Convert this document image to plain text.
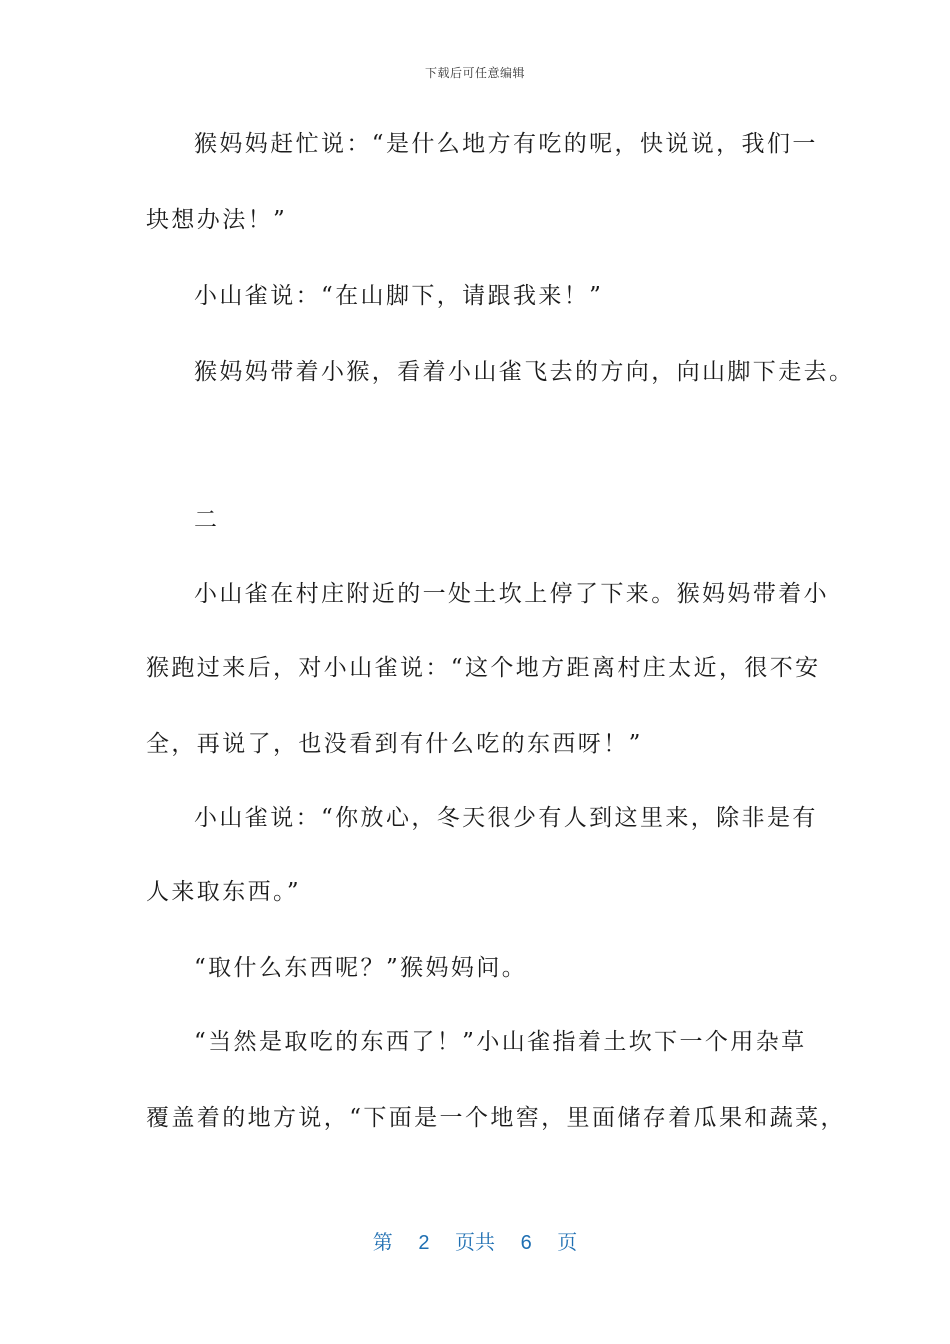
下载后可任意编辑
猴妈妈赶忙说：“是什么地方有吃的呢，快说说，我们一
块想办法！”
小山雀说：“在山脚下，请跟我来！”
猴妈妈带着小猴，看着小山雀飞去的方向，向山脚下走去。
二
小山雀在村庄附近的一处土坎上停了下来。猴妈妈带着小
猴跑过来后，对小山雀说：“这个地方距离村庄太近，很不安
全，再说了，也没看到有什么吃的东西呀！”
小山雀说：“你放心，冬天很少有人到这里来，除非是有
人来取东西。”
“取什么东西呢？”猴妈妈问。
“当然是取吃的东西了！”小山雀指着土坎下一个用杂草
覆盖着的地方说，“下面是一个地窖，里面储存着瓜果和蔬菜，
第 2 页共 6 页
